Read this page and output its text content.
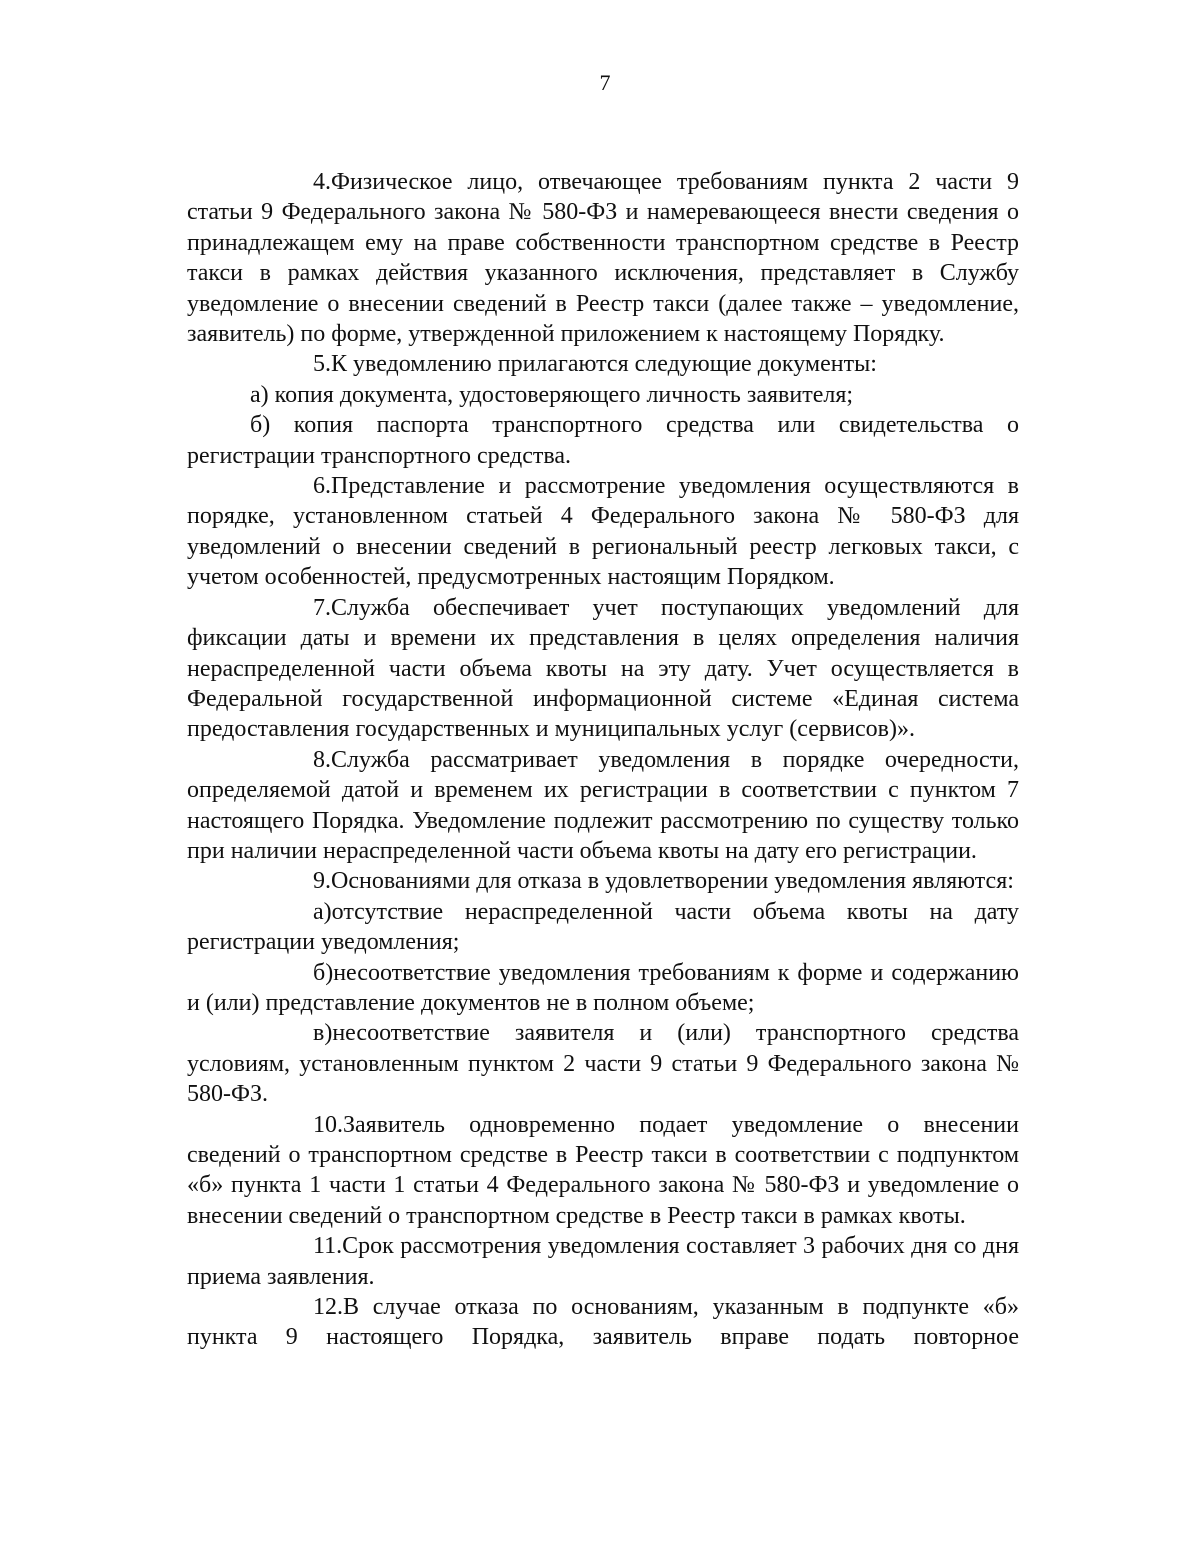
7

4.Физическое лицо, отвечающее требованиям пункта 2 части 9 статьи 9 Федерального закона № 580-ФЗ и намеревающееся внести сведения о принадлежащем ему на праве собственности транспортном средстве в Реестр такси в рамках действия указанного исключения, представляет в Службу уведомление о внесении сведений в Реестр такси (далее также – уведомление, заявитель) по форме, утвержденной приложением к настоящему Порядку.

5.К уведомлению прилагаются следующие документы:

а) копия документа, удостоверяющего личность заявителя;

б) копия паспорта транспортного средства или свидетельства о регистрации транспортного средства.

6.Представление и рассмотрение уведомления осуществляются в порядке, установленном статьей 4 Федерального закона № 580-ФЗ для уведомлений о внесении сведений в региональный реестр легковых такси, с учетом особенностей, предусмотренных настоящим Порядком.

7.Служба обеспечивает учет поступающих уведомлений для фиксации даты и времени их представления в целях определения наличия нераспределенной части объема квоты на эту дату. Учет осуществляется в Федеральной государственной информационной системе «Единая система предоставления государственных и муниципальных услуг (сервисов)».

8.Служба рассматривает уведомления в порядке очередности, определяемой датой и временем их регистрации в соответствии с пунктом 7 настоящего Порядка. Уведомление подлежит рассмотрению по существу только при наличии нераспределенной части объема квоты на дату его регистрации.

9.Основаниями для отказа в удовлетворении уведомления являются:

а)отсутствие нераспределенной части объема квоты на дату регистрации уведомления;

б)несоответствие уведомления требованиям к форме и содержанию и (или) представление документов не в полном объеме;

в)несоответствие заявителя и (или) транспортного средства условиям, установленным пунктом 2 части 9 статьи 9 Федерального закона № 580-ФЗ.

10.Заявитель одновременно подает уведомление о внесении сведений о транспортном средстве в Реестр такси в соответствии с подпунктом «б» пункта 1 части 1 статьи 4 Федерального закона № 580-ФЗ и уведомление о внесении сведений о транспортном средстве в Реестр такси в рамках квоты.

11.Срок рассмотрения уведомления составляет 3 рабочих дня со дня приема заявления.

12.В случае отказа по основаниям, указанным в подпункте «б» пункта 9 настоящего Порядка, заявитель вправе подать повторное
